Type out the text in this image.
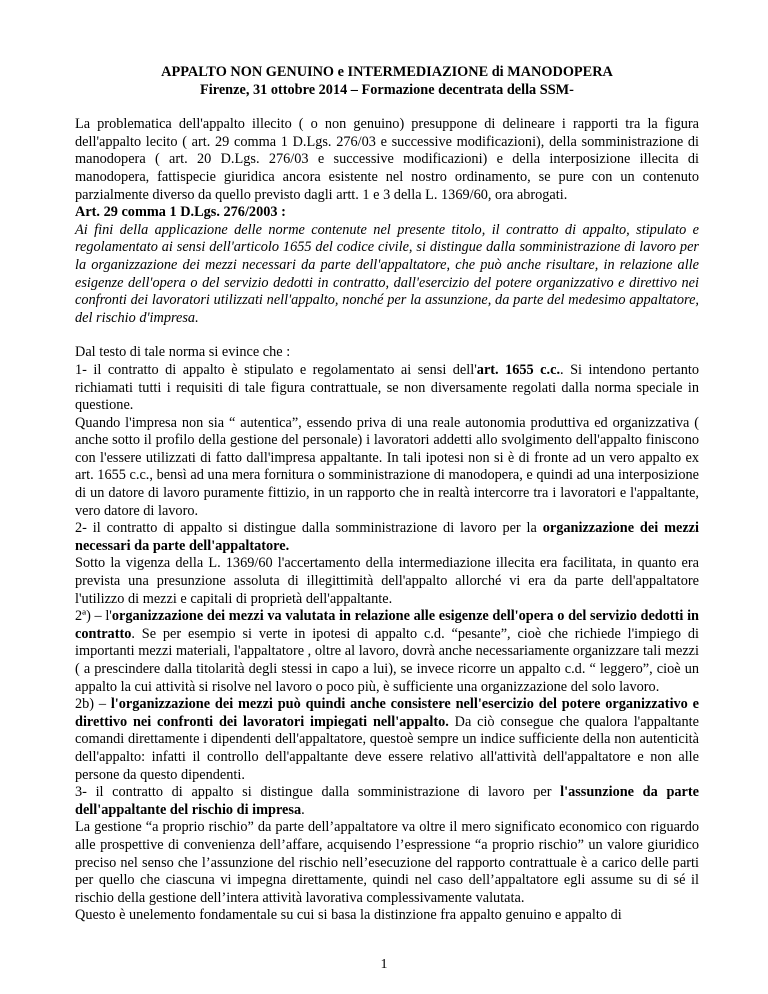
APPALTO NON GENUINO e INTERMEDIAZIONE di MANODOPERA
Firenze, 31 ottobre 2014 – Formazione decentrata della SSM-

La problematica dell'appalto illecito ( o non genuino) presuppone di delineare i rapporti tra la figura dell'appalto lecito ( art. 29 comma 1 D.Lgs. 276/03 e successive modificazioni), della somministrazione di manodopera ( art. 20 D.Lgs. 276/03 e successive modificazioni) e della interposizione illecita di manodopera, fattispecie giuridica ancora esistente nel nostro ordinamento, se pure con un contenuto parzialmente diverso da quello previsto dagli artt. 1 e 3 della L. 1369/60, ora abrogati.

Art. 29 comma 1 D.Lgs. 276/2003 :

Ai fini della applicazione delle norme contenute nel presente titolo, il contratto di appalto, stipulato e regolamentato ai sensi dell'articolo 1655 del codice civile, si distingue dalla somministrazione di lavoro per la organizzazione dei mezzi necessari da parte dell'appaltatore, che può anche risultare, in relazione alle esigenze dell'opera o del servizio dedotti in contratto, dall'esercizio del potere organizzativo e direttivo nei confronti dei lavoratori utilizzati nell'appalto, nonché per la assunzione, da parte del medesimo appaltatore, del rischio d'impresa.

Dal testo di tale norma si evince che :

1- il contratto di appalto è stipulato e regolamentato ai sensi dell'art. 1655 c.c.. Si intendono pertanto richiamati tutti i requisiti di tale figura contrattuale, se non diversamente regolati dalla norma speciale in questione.

Quando l'impresa non sia “ autentica”, essendo priva di una reale autonomia produttiva ed organizzativa ( anche sotto il profilo della gestione del personale) i lavoratori addetti allo svolgimento dell'appalto finiscono con l'essere utilizzati di fatto dall'impresa appaltante. In tali ipotesi non si è di fronte ad un vero appalto ex art. 1655 c.c., bensì ad una mera fornitura o somministrazione di manodopera, e quindi ad una interposizione di un datore di lavoro puramente fittizio, in un rapporto che in realtà intercorre tra i lavoratori e l'appaltante, vero datore di lavoro.

2- il contratto di appalto si distingue dalla somministrazione di lavoro per la organizzazione dei mezzi necessari da parte dell'appaltatore.

Sotto la vigenza della L. 1369/60 l'accertamento della intermediazione illecita era facilitata, in quanto era prevista una presunzione assoluta di illegittimità dell'appalto allorché vi era da parte dell'appaltatore l'utilizzo di mezzi e capitali di proprietà dell'appaltante.

2ª) – l'organizzazione dei mezzi va valutata in relazione alle esigenze dell'opera o del servizio dedotti in contratto. Se per esempio si verte in ipotesi di appalto c.d. “pesante”, cioè che richiede l'impiego di importanti mezzi materiali, l'appaltatore , oltre al lavoro, dovrà anche necessariamente organizzare tali mezzi ( a prescindere dalla titolarità degli stessi in capo a lui), se invece ricorre un appalto c.d. “ leggero”, cioè un appalto la cui attività si risolve nel lavoro o poco più, è sufficiente una organizzazione del solo lavoro.

2b) – l'organizzazione dei mezzi può quindi anche consistere nell'esercizio del potere organizzativo e direttivo nei confronti dei lavoratori impiegati nell'appalto. Da ciò consegue che qualora l'appaltante comandi direttamente i dipendenti dell'appaltatore, questoè sempre un indice sufficiente della non autenticità dell'appalto: infatti il controllo dell'appaltante deve essere relativo all'attività dell'appaltatore e non alle persone da questo dipendenti.

3- il contratto di appalto si distingue dalla somministrazione di lavoro per l'assunzione da parte dell'appaltante del rischio di impresa.

La gestione “a proprio rischio” da parte dell’appaltatore va oltre il mero significato economico con riguardo alle prospettive di convenienza dell’affare, acquisendo l’espressione “a proprio rischio” un valore giuridico preciso nel senso che l’assunzione del rischio nell’esecuzione del rapporto contrattuale è a carico delle parti per quello che ciascuna vi impegna direttamente, quindi nel caso dell’appaltatore egli assume su di sé il rischio della gestione dell’intera attività lavorativa complessivamente valutata.

Questo è unelemento fondamentale su cui si basa la distinzione fra appalto genuino e appalto di

1
